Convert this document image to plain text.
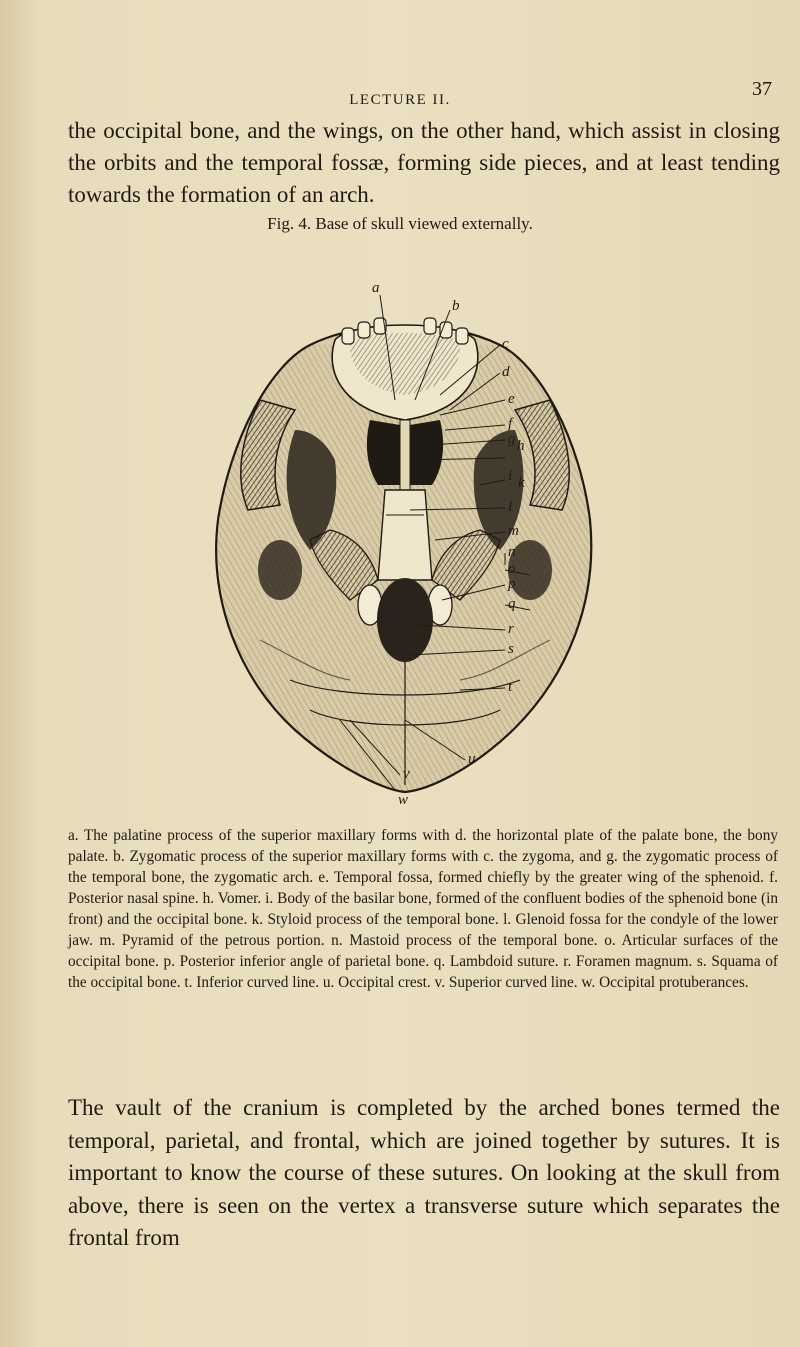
LECTURE II.	37
the occipital bone, and the wings, on the other hand, which assist in closing the orbits and the temporal fossæ, forming side pieces, and at least tending towards the formation of an arch.
Fig. 4. Base of skull viewed externally.
a
b
c
d
e
f
g h
i k
l
m
n
o
p
q
r
s
t
u
v
w
a. The palatine process of the superior maxillary forms with d. the horizontal plate of the palate bone, the bony palate. b. Zygomatic process of the superior maxillary forms with c. the zygoma, and g. the zygomatic process of the temporal bone, the zygomatic arch. e. Temporal fossa, formed chiefly by the greater wing of the sphenoid. f. Posterior nasal spine. h. Vomer. i. Body of the basilar bone, formed of the confluent bodies of the sphenoid bone (in front) and the occipital bone. k. Styloid process of the temporal bone. l. Glenoid fossa for the condyle of the lower jaw. m. Pyramid of the petrous portion. n. Mastoid process of the temporal bone. o. Articular surfaces of the occipital bone. p. Posterior inferior angle of parietal bone. q. Lambdoid suture. r. Foramen magnum. s. Squama of the occipital bone. t. Inferior curved line. u. Occipital crest. v. Superior curved line. w. Occipital protuberances.
The vault of the cranium is completed by the arched bones termed the temporal, parietal, and frontal, which are joined together by sutures. It is important to know the course of these sutures. On looking at the skull from above, there is seen on the vertex a transverse suture which separates the frontal from
